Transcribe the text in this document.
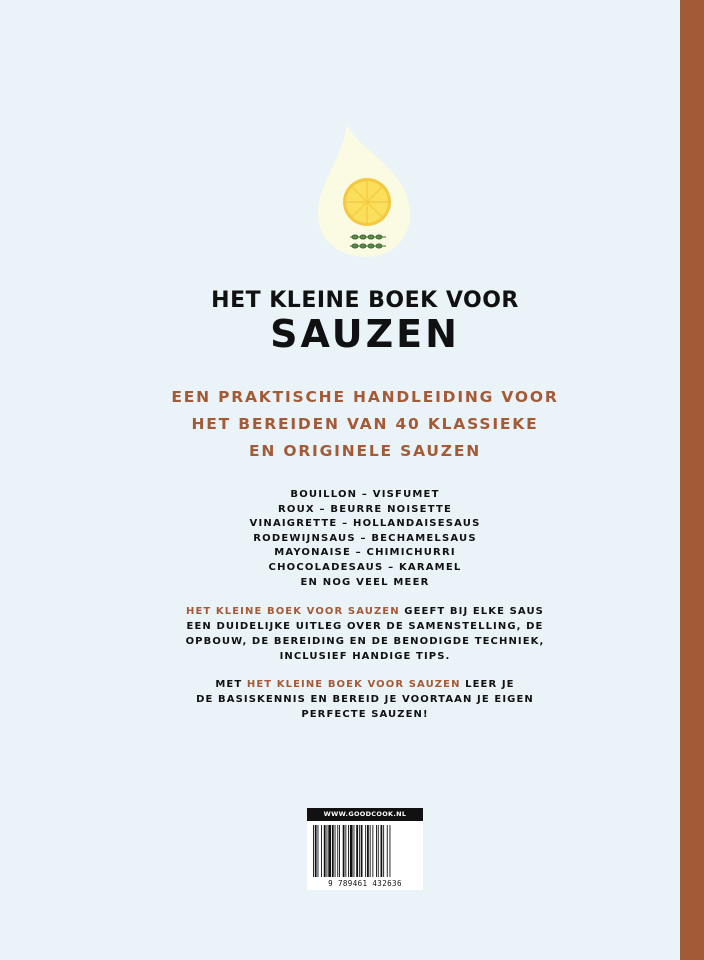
HET KLEINE BOEK VOOR
SAUZEN
EEN PRAKTISCHE HANDLEIDING VOOR
HET BEREIDEN VAN 40 KLASSIEKE
EN ORIGINELE SAUZEN
BOUILLON – VISFUMET
ROUX – BEURRE NOISETTE
VINAIGRETTE – HOLLANDAISESAUS
RODEWIJNSAUS – BECHAMELSAUS
MAYONAISE – CHIMICHURRI
CHOCOLADESAUS – KARAMEL
EN NOG VEEL MEER
HET KLEINE BOEK VOOR SAUZEN GEEFT BIJ ELKE SAUS
EEN DUIDELIJKE UITLEG OVER DE SAMENSTELLING, DE
OPBOUW, DE BEREIDING EN DE BENODIGDE TECHNIEK,
INCLUSIEF HANDIGE TIPS.
MET HET KLEINE BOEK VOOR SAUZEN LEER JE
DE BASISKENNIS EN BEREID JE VOORTAAN JE EIGEN
PERFECTE SAUZEN!
WWW.GOODCOOK.NL
9 789461 432636
